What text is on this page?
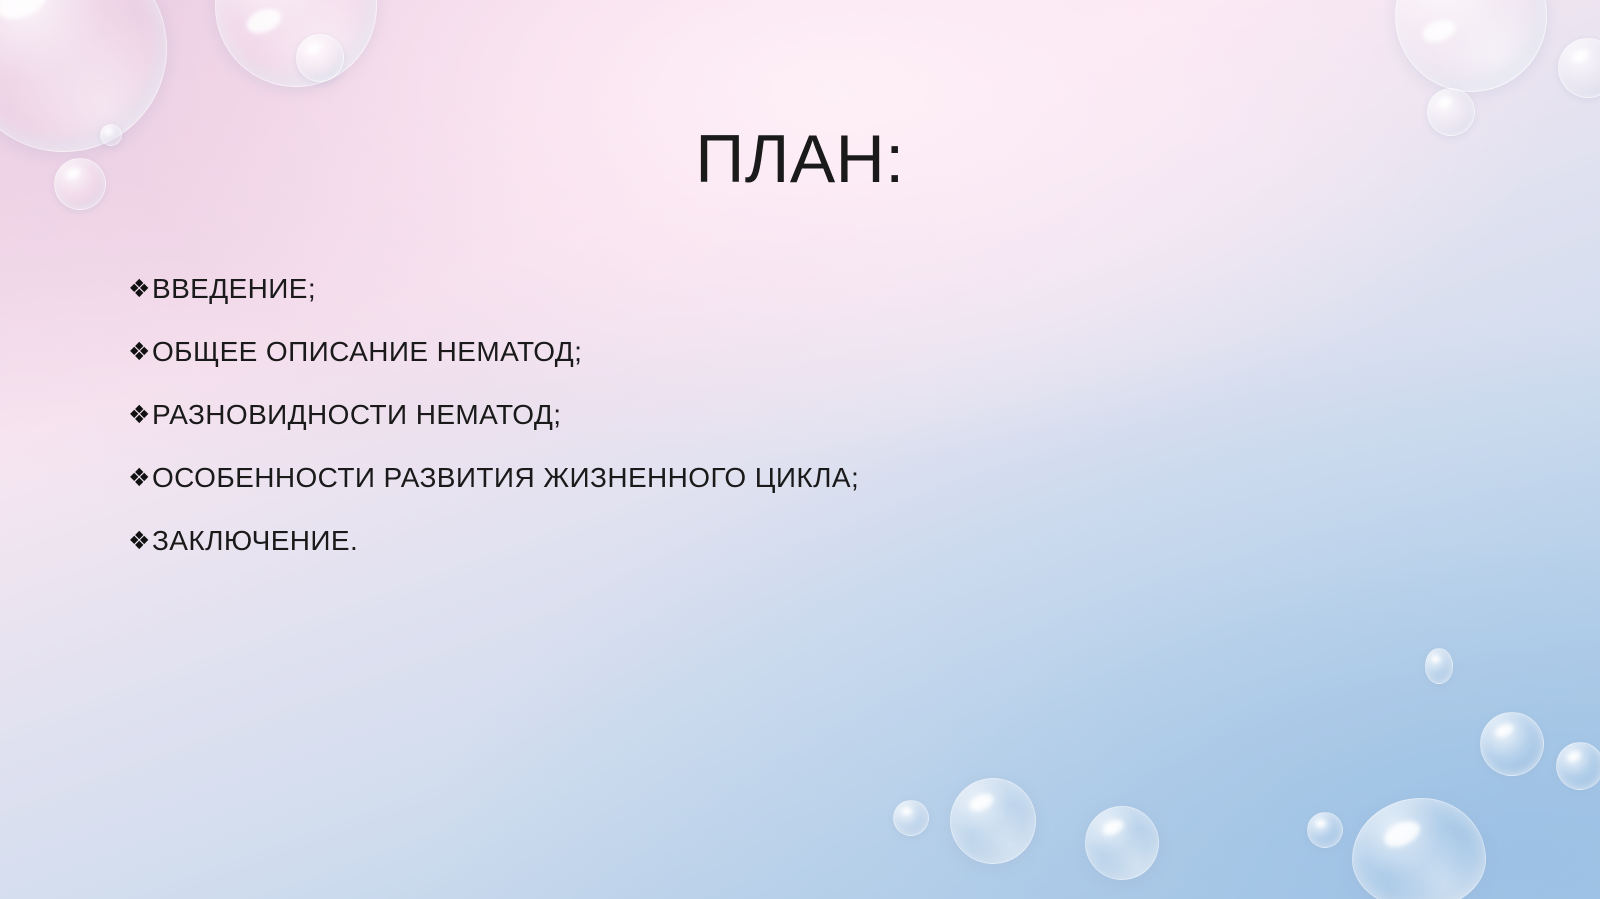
ПЛАН:
❖ ВВЕДЕНИЕ;
❖ ОБЩЕЕ ОПИСАНИЕ НЕМАТОД;
❖ РАЗНОВИДНОСТИ НЕМАТОД;
❖ ОСОБЕННОСТИ РАЗВИТИЯ ЖИЗНЕННОГО ЦИКЛА;
❖ ЗАКЛЮЧЕНИЕ.
